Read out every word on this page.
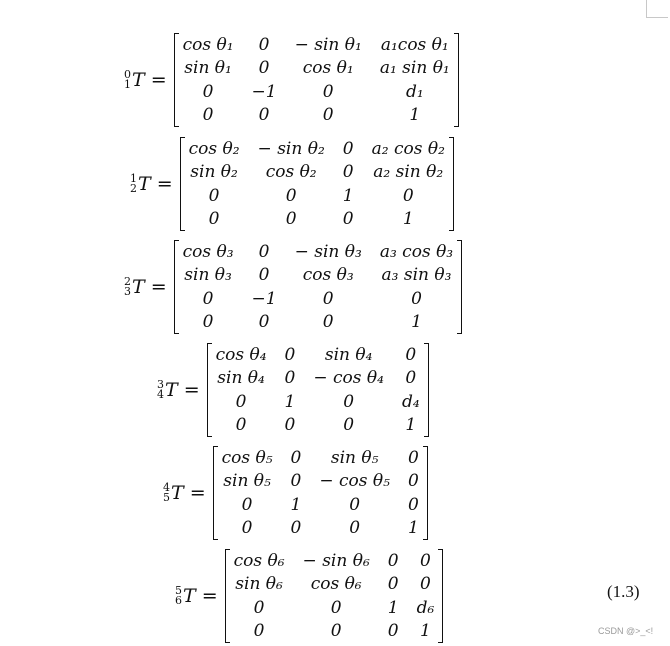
0
1 T =
cos θ₁	0	− sin θ₁	a₁cos θ₁
sin θ₁	0	cos θ₁	a₁ sin θ₁
0	−1	0	d₁
0	0	0	1
1
2 T =
cos θ₂	− sin θ₂	0	a₂ cos θ₂
sin θ₂	cos θ₂	0	a₂ sin θ₂
0	0	1	0
0	0	0	1
2
3 T =
cos θ₃	0	− sin θ₃	a₃ cos θ₃
sin θ₃	0	cos θ₃	a₃ sin θ₃
0	−1	0	0
0	0	0	1
3
4 T =
cos θ₄	0	sin θ₄	0
sin θ₄	0	− cos θ₄	0
0	1	0	d₄
0	0	0	1
4
5 T =
cos θ₅	0	sin θ₅	0
sin θ₅	0	− cos θ₅	0
0	1	0	0
0	0	0	1
5
6 T =
cos θ₆	− sin θ₆	0	0
sin θ₆	cos θ₆	0	0
0	0	1	d₆
0	0	0	1
(1.3)
CSDN @>_<!
